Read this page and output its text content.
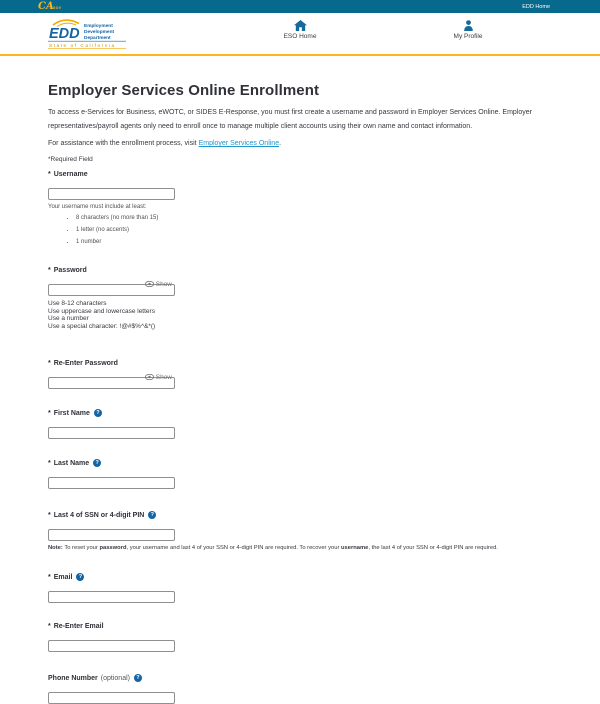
CA GOV	EDD Home
EDD Employment
Development
Department
State of California
ESO Home	My Profile
Employer Services Online Enrollment

To access e-Services for Business, eWOTC, or SIDES E-Response, you must first create a username and password in Employer Services Online. Employer representatives/payroll agents only need to enroll once to manage multiple client accounts using their own name and contact information.

For assistance with the enrollment process, visit Employer Services Online.

*Required Field

* Username
Your username must include at least:
• 8 characters (no more than 15)
• 1 letter (no accents)
• 1 number
* Password
Show
Use 8-12 characters
Use uppercase and lowercase letters
Use a number
Use a special character: !@#$%^&*()
* Re-Enter Password
Show
* First Name	?
* Last Name	?
* Last 4 of SSN or 4-digit PIN	?

Note: To reset your password, your username and last 4 of your SSN or 4-digit PIN are required. To recover your username, the last 4 of your SSN or 4-digit PIN are required.

* Email	?
* Re-Enter Email
Phone Number (optional)	?
